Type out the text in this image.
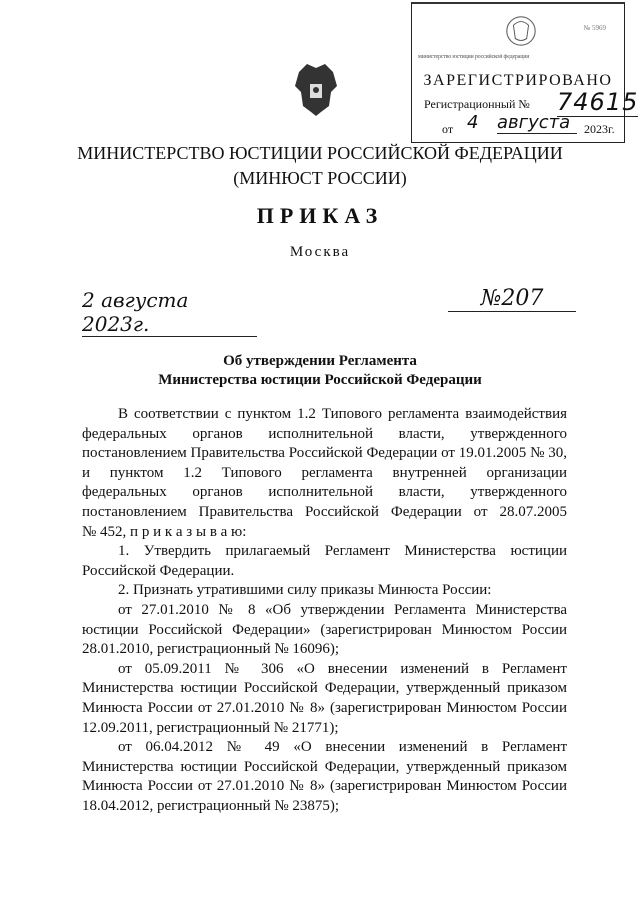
№ 5969
министерство юстиции российской федерации
ЗАРЕГИСТРИРОВАНО
Регистрационный № 74615
от 4 августа	2023г.
МИНИСТЕРСТВО ЮСТИЦИИ РОССИЙСКОЙ ФЕДЕРАЦИИ
(МИНЮСТ РОССИИ)
ПРИКАЗ
Москва
2 августа 2023г.
№207
Об утверждении Регламента
Министерства юстиции Российской Федерации
В соответствии с пунктом 1.2 Типового регламента взаимодействия
федеральных органов исполнительной власти, утвержденного
постановлением Правительства Российской Федерации от 19.01.2005 № 30,
и пунктом 1.2 Типового регламента внутренней организации
федеральных органов исполнительной власти, утвержденного
постановлением Правительства Российской Федерации от 28.07.2005
№ 452, п р и к а з ы в а ю:
1. Утвердить прилагаемый Регламент Министерства юстиции
Российской Федерации.
2. Признать утратившими силу приказы Минюста России:
от 27.01.2010 № 8 «Об утверждении Регламента Министерства
юстиции Российской Федерации» (зарегистрирован Минюстом России
28.01.2010, регистрационный № 16096);
от 05.09.2011 № 306 «О внесении изменений в Регламент
Министерства юстиции Российской Федерации, утвержденный приказом
Минюста России от 27.01.2010 № 8» (зарегистрирован Минюстом России
12.09.2011, регистрационный № 21771);
от 06.04.2012 № 49 «О внесении изменений в Регламент
Министерства юстиции Российской Федерации, утвержденный приказом
Минюста России от 27.01.2010 № 8» (зарегистрирован Минюстом России
18.04.2012, регистрационный № 23875);
